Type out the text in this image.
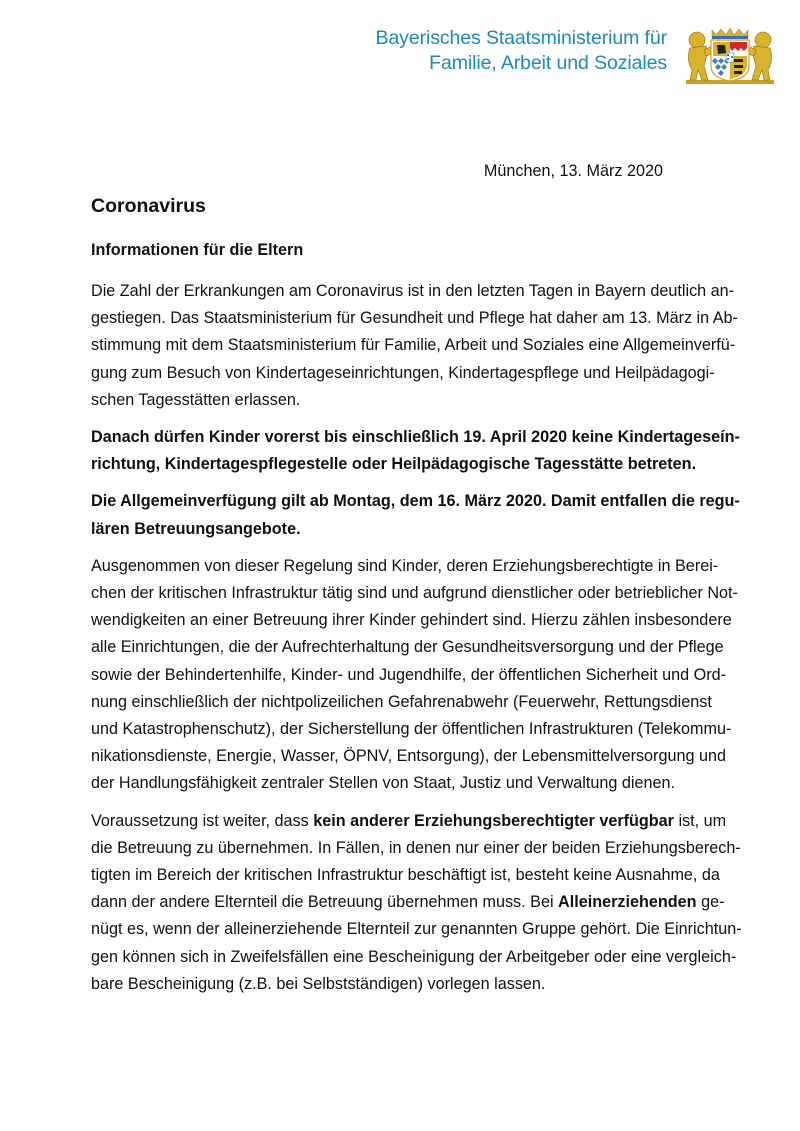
Bayerisches Staatsministerium für
Familie, Arbeit und Soziales
München, 13. März 2020
Coronavirus
Informationen für die Eltern

Die Zahl der Erkrankungen am Coronavirus ist in den letzten Tagen in Bayern deutlich an-
gestiegen. Das Staatsministerium für Gesundheit und Pflege hat daher am 13. März in Ab-
stimmung mit dem Staatsministerium für Familie, Arbeit und Soziales eine Allgemeinverfü-
gung zum Besuch von Kindertageseinrichtungen, Kindertagespflege und Heilpädagogi-
schen Tagesstätten erlassen.

Danach dürfen Kinder vorerst bis einschließlich 19. April 2020 keine Kindertageseín-
richtung, Kindertagespflegestelle oder Heilpädagogische Tagesstätte betreten.

Die Allgemeinverfügung gilt ab Montag, dem 16. März 2020. Damit entfallen die regu-
lären Betreuungsangebote.

Ausgenommen von dieser Regelung sind Kinder, deren Erziehungsberechtigte in Berei-
chen der kritischen Infrastruktur tätig sind und aufgrund dienstlicher oder betrieblicher Not-
wendigkeiten an einer Betreuung ihrer Kinder gehindert sind. Hierzu zählen insbesondere
alle Einrichtungen, die der Aufrechterhaltung der Gesundheitsversorgung und der Pflege
sowie der Behindertenhilfe, Kinder- und Jugendhilfe, der öffentlichen Sicherheit und Ord-
nung einschließlich der nichtpolizeilichen Gefahrenabwehr (Feuerwehr, Rettungsdienst
und Katastrophenschutz), der Sicherstellung der öffentlichen Infrastrukturen (Telekommu-
nikationsdienste, Energie, Wasser, ÖPNV, Entsorgung), der Lebensmittelversorgung und
der Handlungsfähigkeit zentraler Stellen von Staat, Justiz und Verwaltung dienen.

Voraussetzung ist weiter, dass kein anderer Erziehungsberechtigter verfügbar ist, um
die Betreuung zu übernehmen. In Fällen, in denen nur einer der beiden Erziehungsberech-
tigten im Bereich der kritischen Infrastruktur beschäftigt ist, besteht keine Ausnahme, da
dann der andere Elternteil die Betreuung übernehmen muss. Bei Alleinerziehenden ge-
nügt es, wenn der alleinerziehende Elternteil zur genannten Gruppe gehört. Die Einrichtun-
gen können sich in Zweifelsfällen eine Bescheinigung der Arbeitgeber oder eine vergleich-
bare Bescheinigung (z.B. bei Selbstständigen) vorlegen lassen.
